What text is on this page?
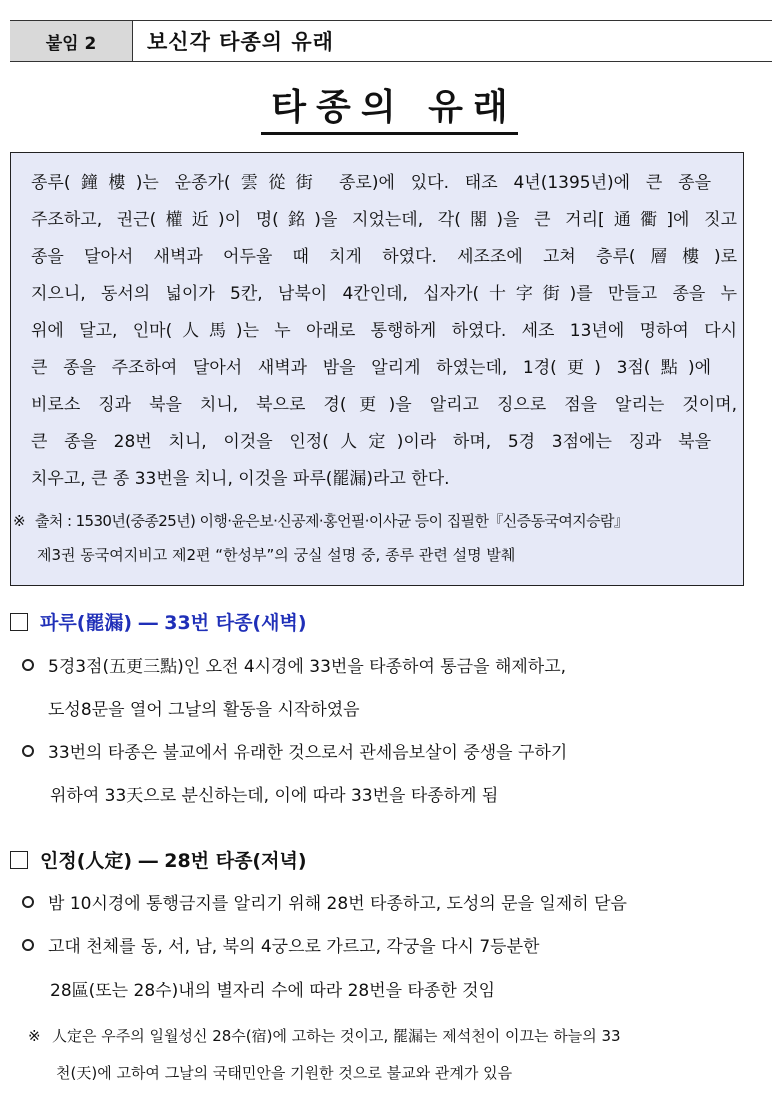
붙임 2	보신각 타종의 유래
타종의 유래
종루(鐘樓)는 운종가(雲從街 종로)에 있다. 태조 4년(1395년)에 큰 종을
주조하고, 권근(權近)이 명(銘)을 지었는데, 각(閣)을 큰 거리[通衢]에 짓고
종을 달아서 새벽과 어두울 때 치게 하였다. 세조조에 고쳐 층루(層樓)로
지으니, 동서의 넓이가 5칸, 남북이 4칸인데, 십자가(十字街)를 만들고 종을 누
위에 달고, 인마(人馬)는 누 아래로 통행하게 하였다. 세조 13년에 명하여 다시
큰 종을 주조하여 달아서 새벽과 밤을 알리게 하였는데, 1경(更) 3점(點)에
비로소 징과 북을 치니, 북으로 경(更)을 알리고 징으로 점을 알리는 것이며,
큰 종을 28번 치니, 이것을 인정(人定)이라 하며, 5경 3점에는 징과 북을
치우고, 큰 종 33번을 치니, 이것을 파루(罷漏)라고 한다.
※ 출처 : 1530년(중종25년) 이행·윤은보·신공제·홍언필·이사균 등이 집필한『신증동국여지승람』
제3권 동국여지비고 제2편 “한성부”의 궁실 설명 중, 종루 관련 설명 발췌
파루(罷漏) ― 33번 타종(새벽)
5경3점(五更三點)인 오전 4시경에 33번을 타종하여 통금을 해제하고,
도성8문을 열어 그날의 활동을 시작하였음
33번의 타종은 불교에서 유래한 것으로서 관세음보살이 중생을 구하기
위하여 33天으로 분신하는데, 이에 따라 33번을 타종하게 됨
인정(人定) ― 28번 타종(저녁)
밤 10시경에 통행금지를 알리기 위해 28번 타종하고, 도성의 문을 일제히 닫음
고대 천체를 동, 서, 남, 북의 4궁으로 가르고, 각궁을 다시 7등분한
28區(또는 28수)내의 별자리 수에 따라 28번을 타종한 것임
※ 人定은 우주의 일월성신 28수(宿)에 고하는 것이고, 罷漏는 제석천이 이끄는 하늘의 33
천(天)에 고하여 그날의 국태민안을 기원한 것으로 불교와 관계가 있음
